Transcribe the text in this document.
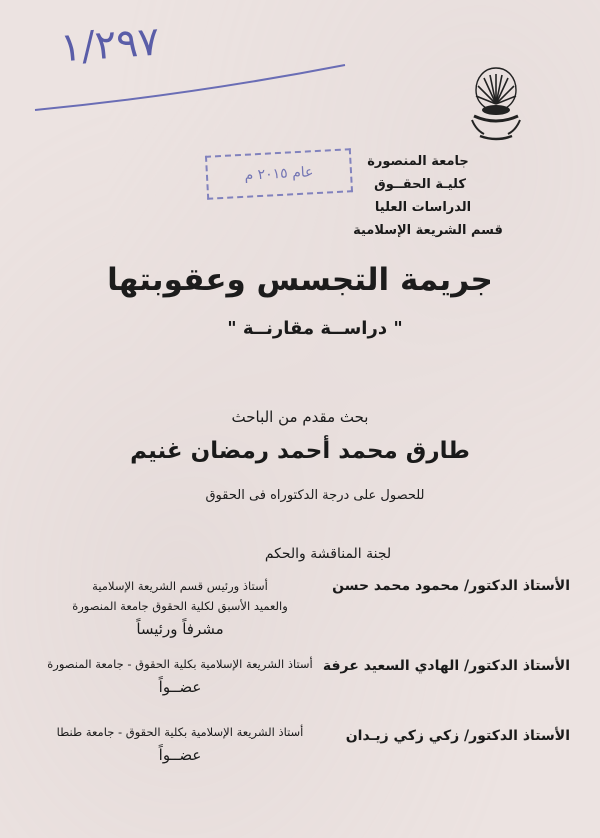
١/٢٩٧
عام ٢٠١٥ م
جامعة المنصورة
كليـة الحقــوق
الدراسات العليا
قسم الشريعة الإسلامية
جريمة التجسس وعقوبتها
" دراســة مقارنــة "
بحث مقدم من الباحث
طارق محمد أحمد رمضان غنيم
للحصول على درجة الدكتوراه فى الحقوق
لجنة المناقشة والحكم
الأستاذ الدكتور/ محمود محمد حسن
أستاذ ورئيس قسم الشريعة الإسلامية
والعميد الأسبق لكلية الحقوق جامعة المنصورة
مشرفاً ورئيساً
الأستاذ الدكتور/ الهادي السعيد عرفة
أستاذ الشريعة الإسلامية بكلية الحقوق - جامعة المنصورة
عضــواً
الأستاذ الدكتور/ زكي زكي زيـدان
أستاذ الشريعة الإسلامية بكلية الحقوق - جامعة طنطا
عضــواً
